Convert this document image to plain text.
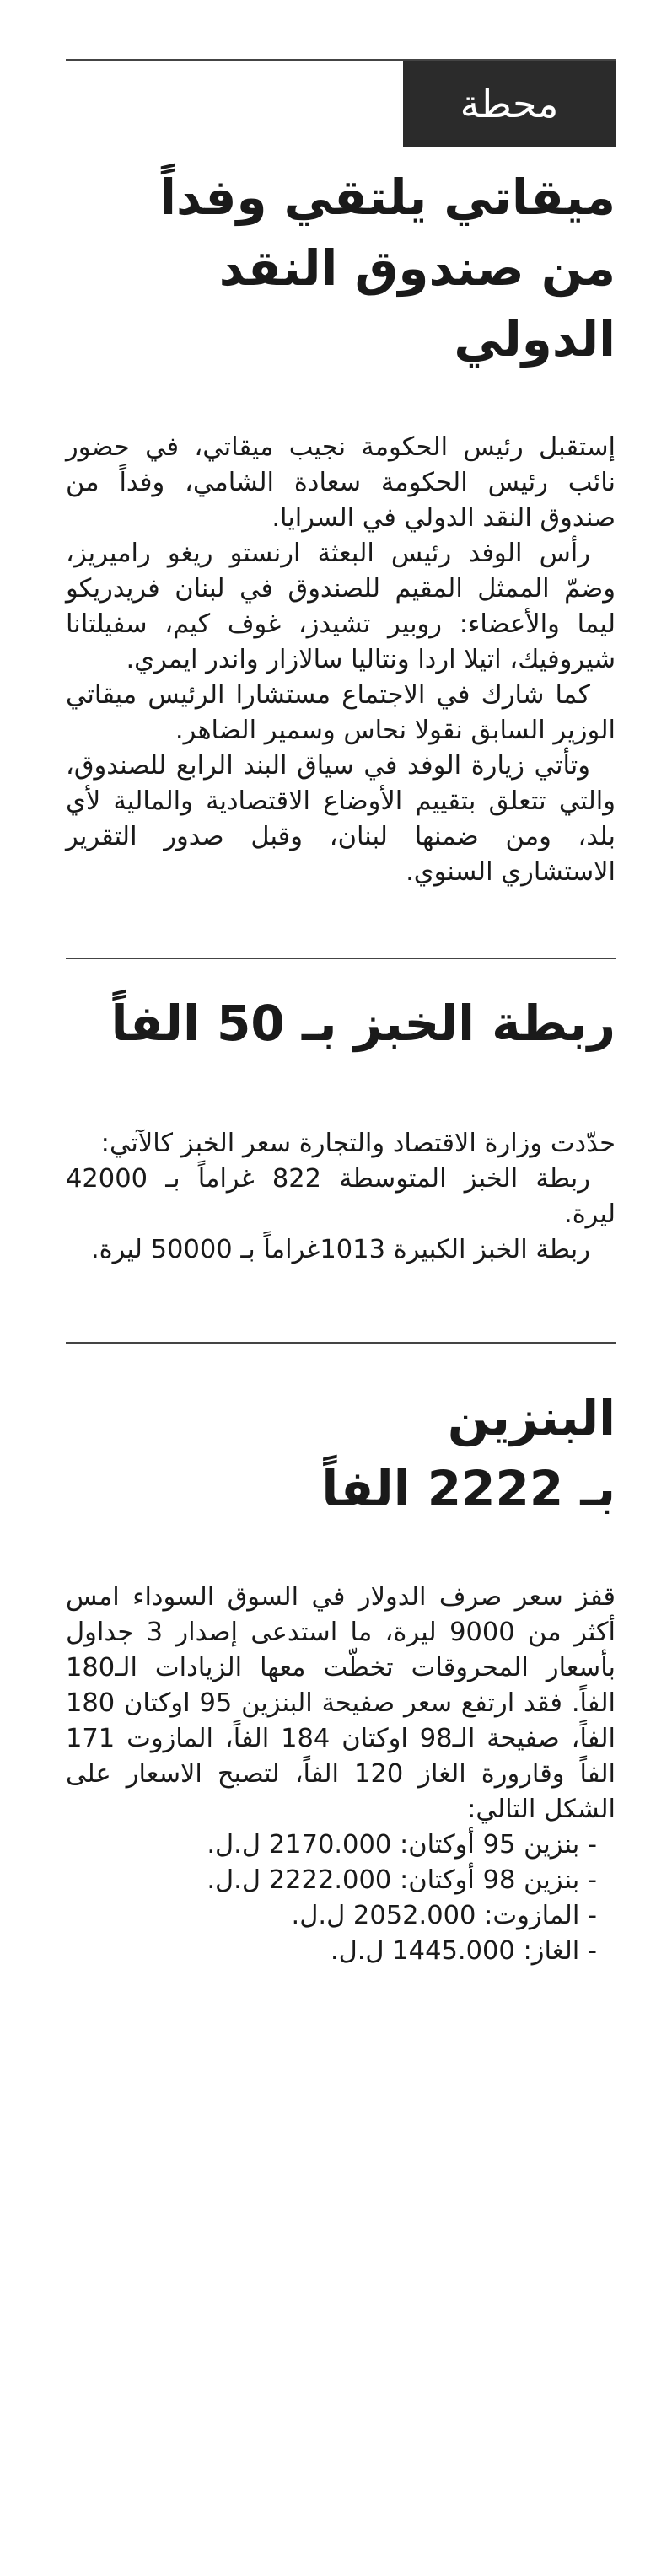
محطة
ميقاتي يلتقي وفداً
من صندوق النقد
الدولي

إستقبل رئيس الحكومة نجيب ميقاتي، في حضور نائب رئيس الحكومة سعادة الشامي، وفداً من صندوق النقد الدولي في السرايا.

رأس الوفد رئيس البعثة ارنستو ريغو راميريز، وضمّ الممثل المقيم للصندوق في لبنان فريدريكو ليما والأعضاء: روبير تشيدز، غوف كيم، سفيلتانا شيروفيك، اتيلا اردا ونتاليا سالازار واندر ايمري.

كما شارك في الاجتماع مستشارا الرئيس ميقاتي الوزير السابق نقولا نحاس وسمير الضاهر.

وتأتي زيارة الوفد في سياق البند الرابع للصندوق، والتي تتعلق بتقييم الأوضاع الاقتصادية والمالية لأي بلد، ومن ضمنها لبنان، وقبل صدور التقرير الاستشاري السنوي.

ربطة الخبز بـ 50 الفاً

حدّدت وزارة الاقتصاد والتجارة سعر الخبز كالآتي:

ربطة الخبز المتوسطة 822 غراماً بـ 42000 ليرة.

ربطة الخبز الكبيرة 1013غراماً بـ 50000 ليرة.

البنزين
بـ 2222 الفاً

قفز سعر صرف الدولار في السوق السوداء امس أكثر من 9000 ليرة، ما استدعى إصدار 3 جداول بأسعار المحروقات تخطّت معها الزيادات الـ180 الفاً. فقد ارتفع سعر صفيحة البنزين 95 اوكتان 180 الفاً، صفيحة الـ98 اوكتان 184 الفاً، المازوت 171 الفاً وقارورة الغاز 120 الفاً، لتصبح الاسعار على الشكل التالي:

- بنزين 95 أوكتان: 2170.000 ل.ل.
- بنزين 98 أوكتان: 2222.000 ل.ل.
- المازوت: 2052.000 ل.ل.
- الغاز: 1445.000 ل.ل.
